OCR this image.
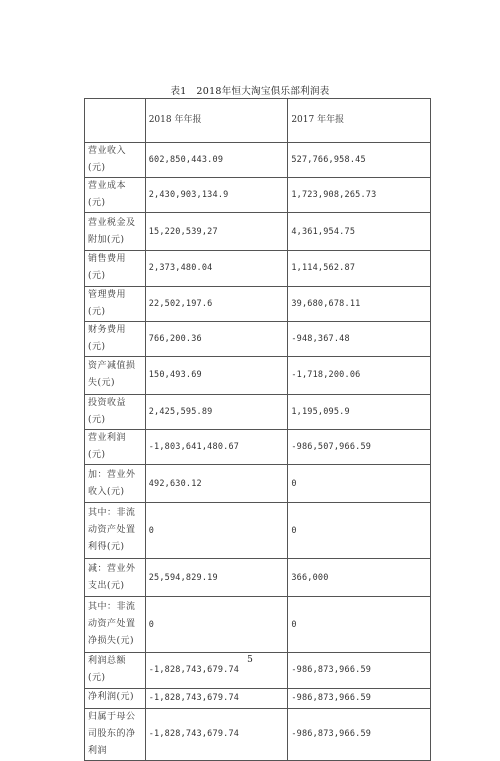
表1　2018年恒大淘宝俱乐部利润表
	2018 年年报	2017 年年报
营业收入(元)	602,850,443.09	527,766,958.45
营业成本(元)	2,430,903,134.9	1,723,908,265.73
营业税金及附加(元)	15,220,539,27	4,361,954.75
销售费用(元)	2,373,480.04	1,114,562.87
管理费用(元)	22,502,197.6	39,680,678.11
财务费用(元)	766,200.36	-948,367.48
资产减值损失(元)	150,493.69	-1,718,200.06
投资收益(元)	2,425,595.89	1,195,095.9
营业利润(元)	-1,803,641,480.67	-986,507,966.59
加：营业外收入(元)	492,630.12	0
其中：非流动资产处置利得(元)	0	0
减：营业外支出(元)	25,594,829.19	366,000
其中：非流动资产处置净损失(元)	0	0
利润总额(元)	-1,828,743,679.74	-986,873,966.59
净利润(元)	-1,828,743,679.74	-986,873,966.59
归属于母公司股东的净利润	-1,828,743,679.74	-986,873,966.59
5
